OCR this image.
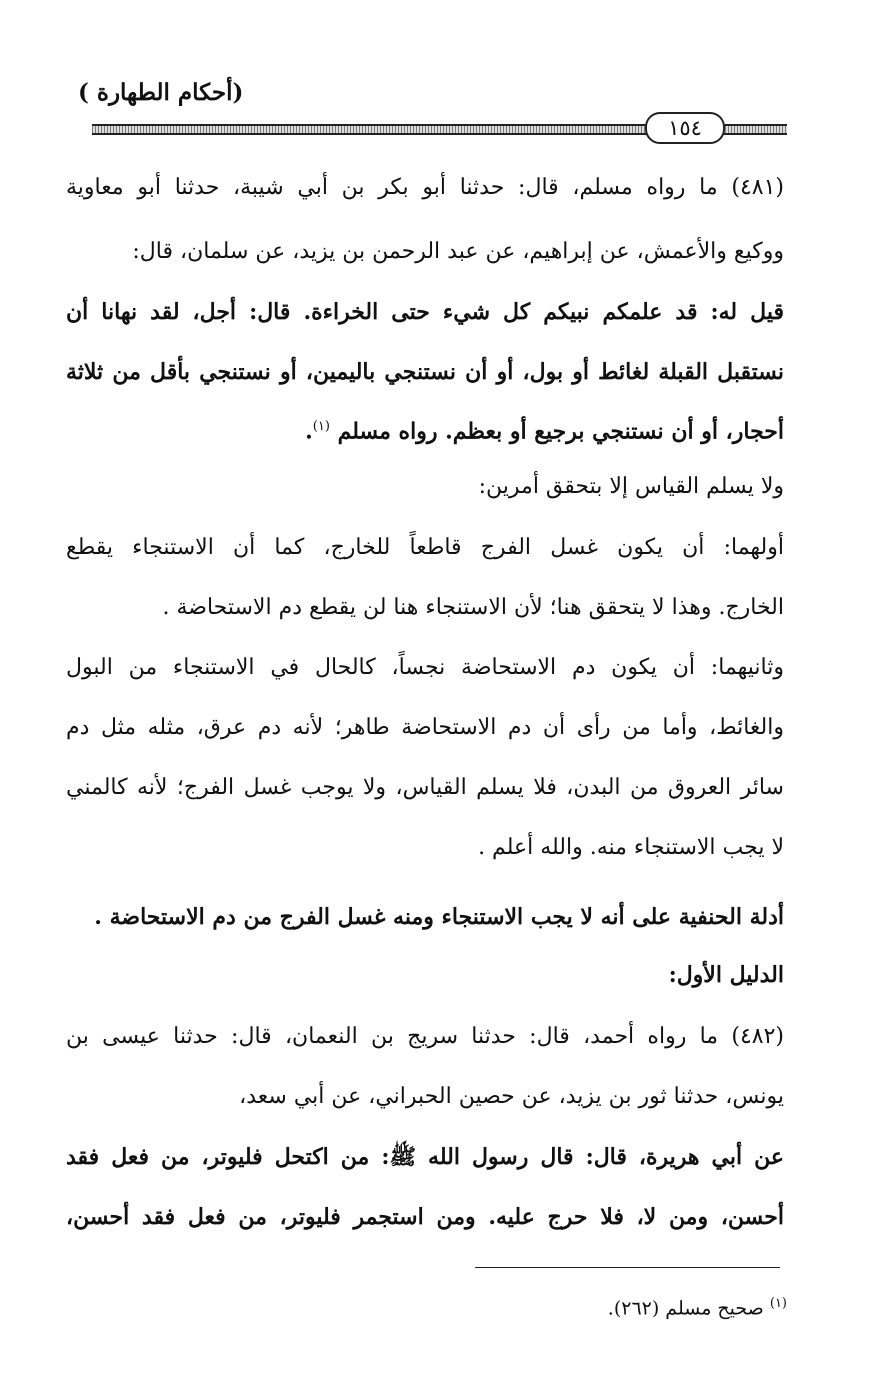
(أحكام الطهارة )
١٥٤
(٤٨١) ما رواه مسلم، قال: حدثنا أبو بكر بن أبي شيبة، حدثنا أبو معاوية
ووكيع والأعمش، عن إبراهيم، عن عبد الرحمن بن يزيد، عن سلمان، قال:
قيل له: قد علمكم نبيكم كل شيء حتى الخراءة. قال: أجل، لقد نهانا أن
نستقبل القبلة لغائط أو بول، أو أن نستنجي باليمين، أو نستنجي بأقل من ثلاثة
أحجار، أو أن نستنجي برجيع أو بعظم. رواه مسلم $^{(١)}$.
ولا يسلم القياس إلا بتحقق أمرين:
أولهما: أن يكون غسل الفرج قاطعاً للخارج، كما أن الاستنجاء يقطع
الخارج. وهذا لا يتحقق هنا؛ لأن الاستنجاء هنا لن يقطع دم الاستحاضة .
وثانيهما: أن يكون دم الاستحاضة نجساً، كالحال في الاستنجاء من البول
والغائط، وأما من رأى أن دم الاستحاضة طاهر؛ لأنه دم عرق، مثله مثل دم
سائر العروق من البدن، فلا يسلم القياس، ولا يوجب غسل الفرج؛ لأنه كالمني
لا يجب الاستنجاء منه. والله أعلم .
أدلة الحنفية على أنه لا يجب الاستنجاء ومنه غسل الفرج من دم الاستحاضة .
الدليل الأول:
(٤٨٢) ما رواه أحمد، قال: حدثنا سريج بن النعمان، قال: حدثنا عيسى بن
يونس، حدثنا ثور بن يزيد، عن حصين الحبراني، عن أبي سعد،
عن أبي هريرة، قال: قال رسول الله ﷺ: من اكتحل فليوتر، من فعل فقد
أحسن، ومن لا، فلا حرج عليه. ومن استجمر فليوتر، من فعل فقد أحسن،
$^{(١)}$ صحيح مسلم (٢٦٢).
